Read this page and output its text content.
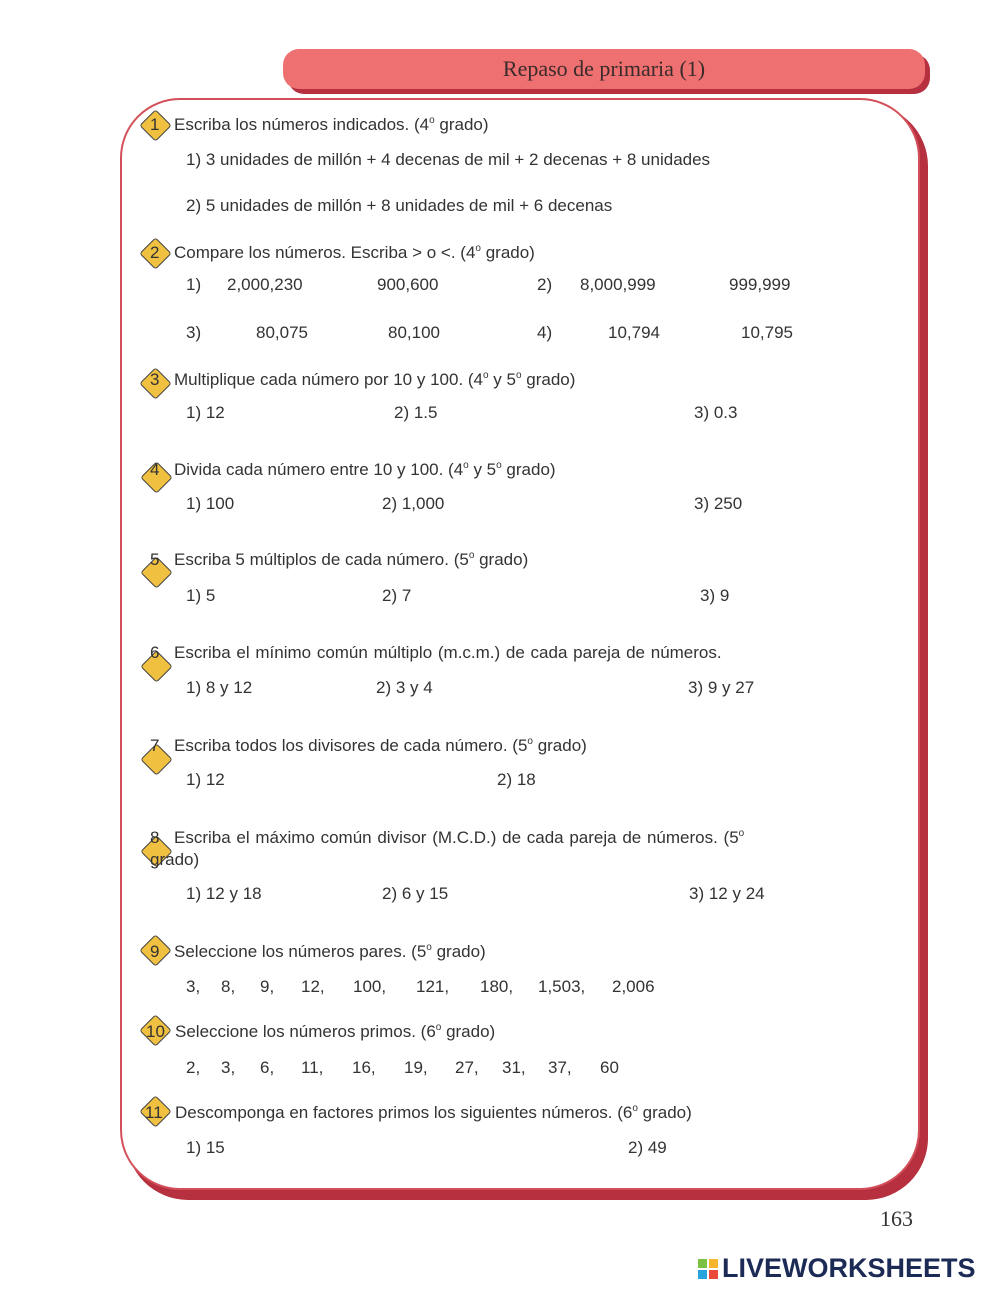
Repaso de primaria (1)
1 Escriba los números indicados. (4$^o$ grado)
1) 3 unidades de millón + 4 decenas de mil + 2 decenas + 8 unidades
2) 5 unidades de millón + 8 unidades de mil + 6 decenas
2 Compare los números. Escriba > o <. (4$^o$ grado)
1) 2,000,230	900,600	2) 8,000,999	999,999
3)	80,075	80,100	4)	10,794	10,795
3 Multiplique cada número por 10 y 100. (4$^o$ y 5$^o$ grado)
1) 12	2) 1.5	3) 0.3
4 Divida cada número entre 10 y 100. (4$^o$ y 5$^o$ grado)
1) 100	2) 1,000	3) 250
5 Escriba 5 múltiplos de cada número. (5$^o$ grado)
1) 5	2) 7	3) 9
6 Escriba el mínimo común múltiplo (m.c.m.) de cada pareja de números.
1) 8 y 12	2) 3 y 4	3) 9 y 27
7 Escriba todos los divisores de cada número. (5$^o$ grado)
1) 12	2) 18
8 Escriba el máximo común divisor (M.C.D.) de cada pareja de números. (5$^o$
grado)
1) 12 y 18	2) 6 y 15	3) 12 y 24
9 Seleccione los números pares. (5$^o$ grado)
3, 8, 9, 12, 100, 121, 180, 1,503, 2,006
10 Seleccione los números primos. (6$^o$ grado)
2, 3, 6, 11, 16, 19, 27, 31, 37, 60
11 Descomponga en factores primos los siguientes números. (6$^o$ grado)
1) 15	2) 49
163
LIVEWORKSHEETS
